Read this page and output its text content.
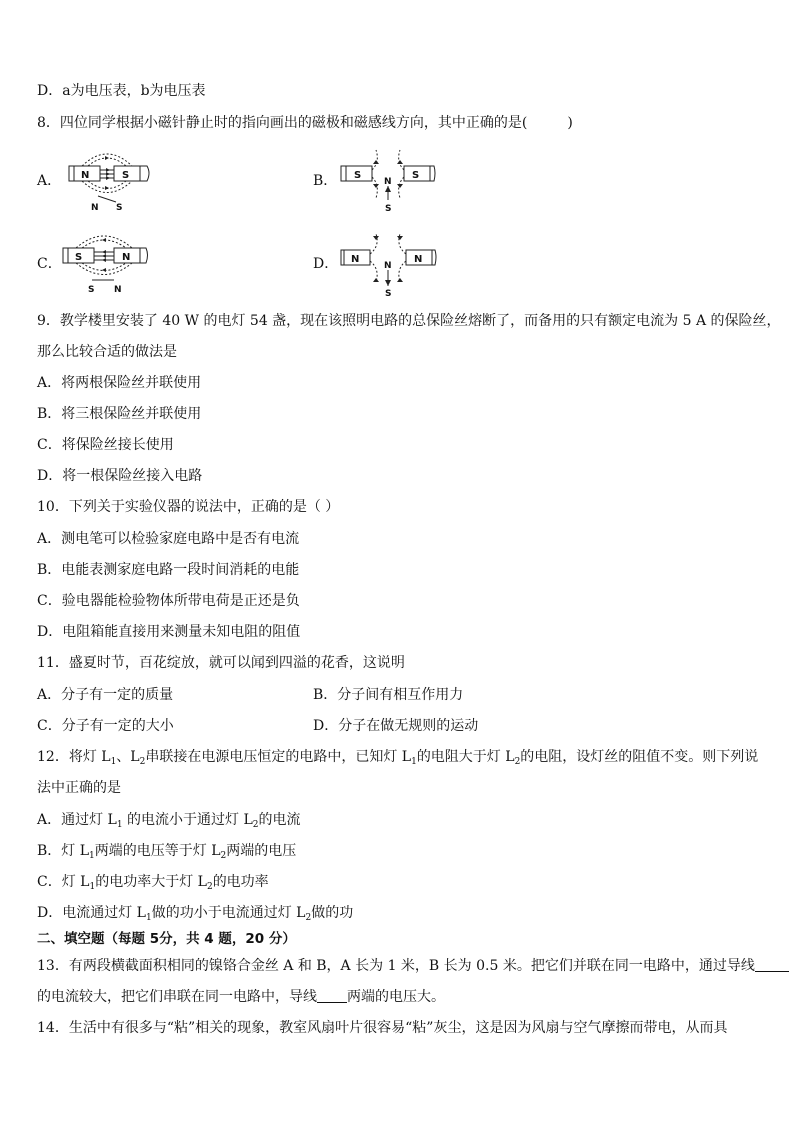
D．a为电压表，b为电压表
8．四位同学根据小磁针静止时的指向画出的磁极和磁感线方向，其中正确的是(	)
A． N	S
N S
B． S	S
N
S
C． S	N
S N
D． N	N
N
S
9．教学楼里安装了 40 W 的电灯 54 盏，现在该照明电路的总保险丝熔断了，而备用的只有额定电流为 5 A 的保险丝，
那么比较合适的做法是
A．将两根保险丝并联使用
B．将三根保险丝并联使用
C．将保险丝接长使用
D．将一根保险丝接入电路
10．下列关于实验仪器的说法中，正确的是（ ）
A．测电笔可以检验家庭电路中是否有电流
B．电能表测家庭电路一段时间消耗的电能
C．验电器能检验物体所带电荷是正还是负
D．电阻箱能直接用来测量未知电阻的阻值
11．盛夏时节，百花绽放，就可以闻到四溢的花香，这说明
A．分子有一定的质量	B．分子间有相互作用力
C．分子有一定的大小	D．分子在做无规则的运动
12．将灯 $L_1$、$L_2$串联接在电源电压恒定的电路中，已知灯 $L_1$的电阻大于灯 $L_2$的电阻，设灯丝的阻值不变。则下列说
法中正确的是
A．通过灯 $L_1$ 的电流小于通过灯 $L_2$的电流
B．灯 $L_1$两端的电压等于灯 $L_2$两端的电压
C．灯 $L_1$的电功率大于灯 $L_2$的电功率
D．电流通过灯 $L_1$做的功小于电流通过灯 $L_2$做的功
二、填空题（每题 5分，共 4 题，20 分）
13．有两段横截面积相同的镍铬合金丝 A 和 B，A 长为 1 米，B 长为 0.5 米。把它们并联在同一电路中，通过导线
的电流较大，把它们串联在同一电路中，导线 两端的电压大。
14．生活中有很多与“粘”相关的现象，教室风扇叶片很容易“粘”灰尘，这是因为风扇与空气摩擦而带电，从而具
